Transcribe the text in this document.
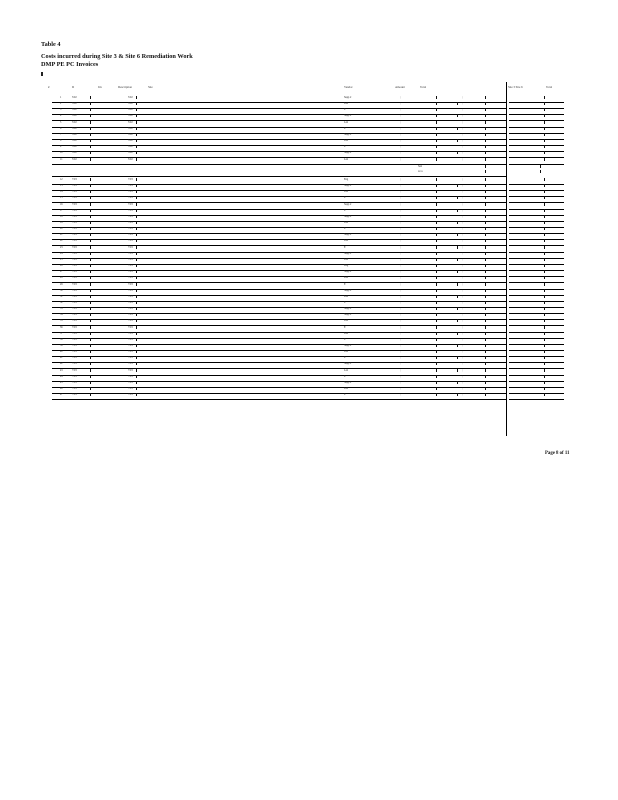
Table 4
Costs incurred during Site 3 & Site 6 Remediation Work
DMP PE PC Invoices
#	D	Inv	Description	Site	Vendor	Amount	Total	Site 3 Site 6	Total
1	3/02	3/02	Supp 2	;	;
2	3/02	3/02	Lab	;	;
3	3/02	3/02	E	;	;
4	3/02	3/02	Supp 2	;	;
5	3/02	3/02	Lab	;	;
6	3/02	3/02	E	;	;
7	3/02	3/02	Supp 2	;	;
8	3/02	3/02	Lab	;	;
9	3/02	3/02	E	;	;
10	3/02	3/02	Supp 2	;	;
11	3/02	3/02	Lab	;	;
Sub
to ta
12	7/03	7/03	Eng	;	;
13	7/03	7/03	Supp 2	;	;
14	7/03	7/03	Lab	;	;
15	7/03	7/03	E	;	;
16	7/03	7/03	Supp 2	;	;
17	7/03	7/03	E	;	;
18	7/03	7/03	Supp 2	;	;
19	7/03	7/03	Lab	;	;
20	7/03	7/03	E	;	;
21	7/03	7/03	Supp 2	;	;
22	7/03	7/03	Lab	;	;
23	7/03	7/03	E	;	;
24	7/03	7/03	Supp 2	;	;
25	7/03	7/03	Lab	;	;
26	7/03	7/03	Eng	;	;
27	7/03	7/03	Supp 2	;	;
28	7/03	7/03	Lab	;	;
29	7/03	7/03	E	;	;
30	7/03	7/03	Supp 2	;	;
31	7/03	7/03	Lab	;	;
32	7/03	7/03	E	;	;
33	7/03	7/03	Supp 2	;	;
34	7/03	7/03	Supp 2	;	;
35	7/03	7/03	Lab	;	;
36	7/03	7/03	E	;	;
37	7/03	7/03	Lab	;	;
38	7/03	7/03	E	;	;
39	7/03	7/03	Supp 2	;	;
40	7/03	7/03	Lab	;	;
41	7/03	7/03	E	;	;
42	7/03	7/03	Supp 2	;	;
43	7/03	7/03	Lab	;	;
44	7/03	7/03	E	;	;
45	7/03	7/03	Supp 2	;	;
46	7/03	7/03	Lab	;	;
47	7/03	7/03	E	;	;
Page 8 of 11
